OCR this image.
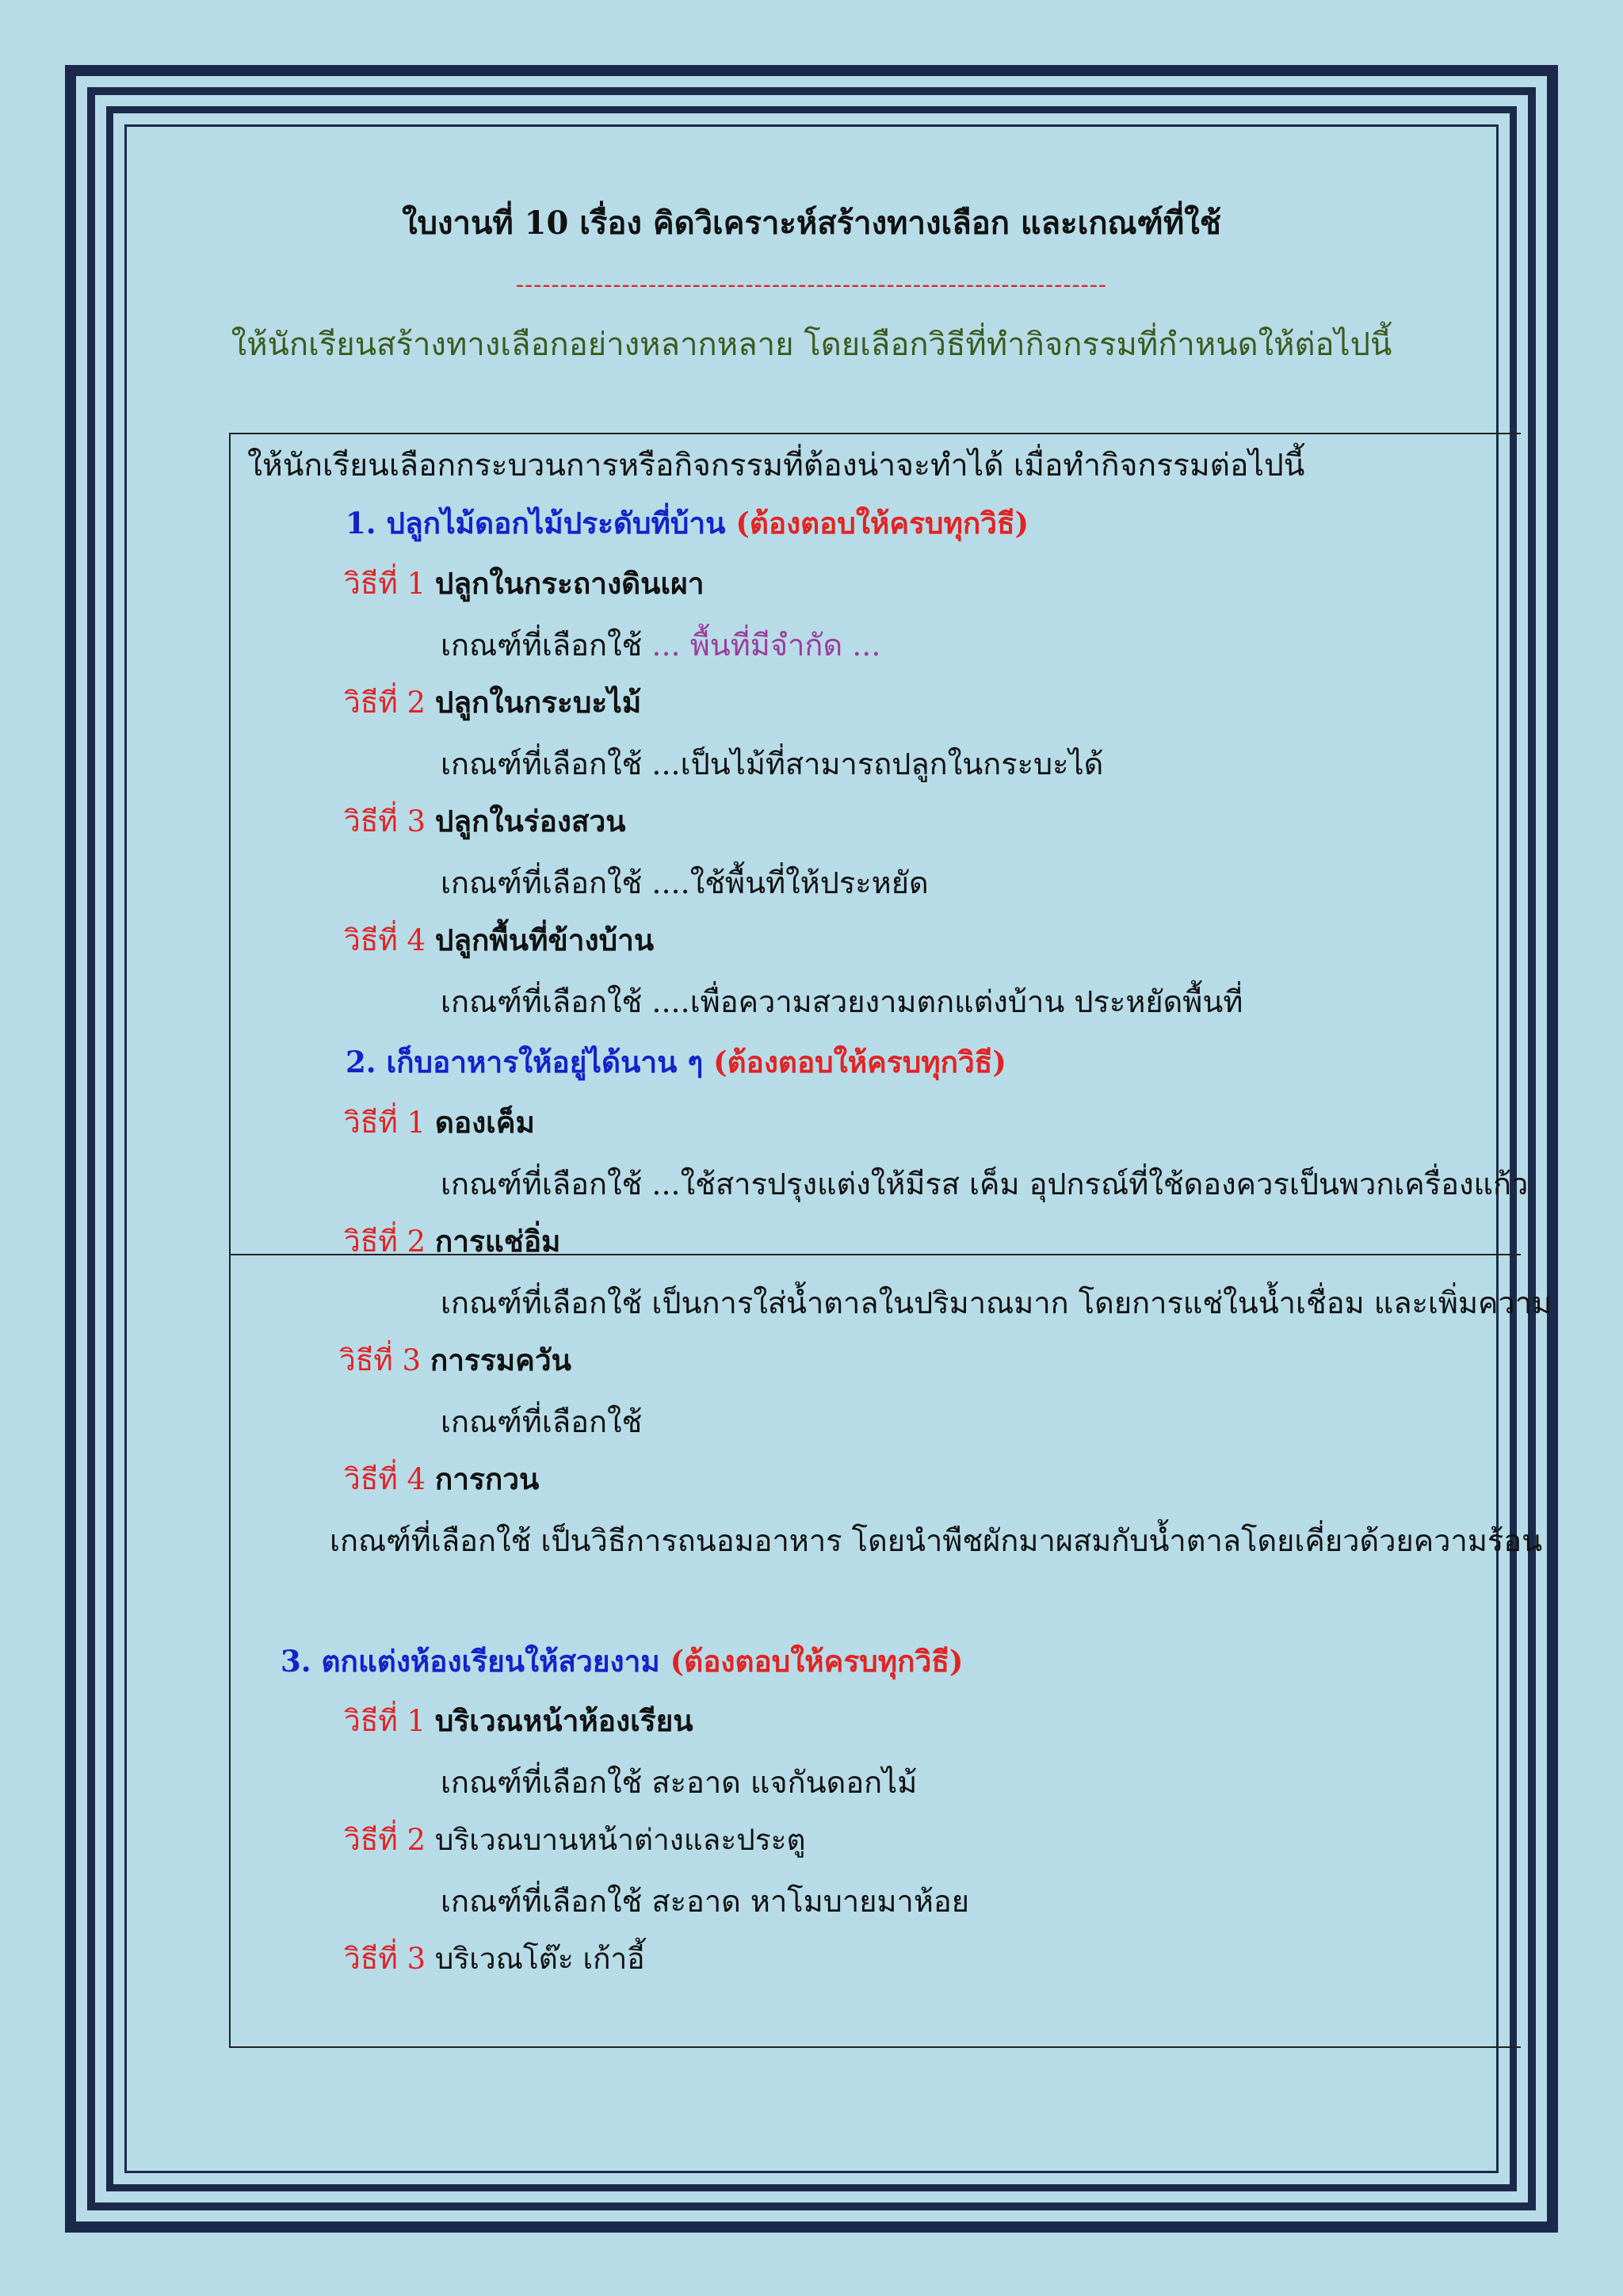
ใบงานที่ 10 เรื่อง คิดวิเคราะห์สร้างทางเลือก และเกณฑ์ที่ใช้
-------------------------------------------------------------------
ให้นักเรียนสร้างทางเลือกอย่างหลากหลาย โดยเลือกวิธีที่ทำกิจกรรมที่กำหนดให้ต่อไปนี้
ให้นักเรียนเลือกกระบวนการหรือกิจกรรมที่ต้องน่าจะทำได้ เมื่อทำกิจกรรมต่อไปนี้
1. ปลูกไม้ดอกไม้ประดับที่บ้าน (ต้องตอบให้ครบทุกวิธี)
วิธีที่ 1 ปลูกในกระถางดินเผา
เกณฑ์ที่เลือกใช้ ... พื้นที่มีจำกัด ...
วิธีที่ 2 ปลูกในกระบะไม้
เกณฑ์ที่เลือกใช้ ...เป็นไม้ที่สามารถปลูกในกระบะได้
วิธีที่ 3 ปลูกในร่องสวน
เกณฑ์ที่เลือกใช้ ....ใช้พื้นที่ให้ประหยัด
วิธีที่ 4 ปลูกพื้นที่ข้างบ้าน
เกณฑ์ที่เลือกใช้ ....เพื่อความสวยงามตกแต่งบ้าน ประหยัดพื้นที่
2. เก็บอาหารให้อยู่ได้นาน ๆ (ต้องตอบให้ครบทุกวิธี)
วิธีที่ 1 ดองเค็ม
เกณฑ์ที่เลือกใช้ ...ใช้สารปรุงแต่งให้มีรส เค็ม อุปกรณ์ที่ใช้ดองควรเป็นพวกเครื่องแก้ว
วิธีที่ 2 การแช่อิ่ม
เกณฑ์ที่เลือกใช้ เป็นการใส่น้ำตาลในปริมาณมาก โดยการแช่ในน้ำเชื่อม และเพิ่มความ
วิธีที่ 3 การรมควัน
เกณฑ์ที่เลือกใช้
วิธีที่ 4 การกวน
เกณฑ์ที่เลือกใช้ เป็นวิธีการถนอมอาหาร โดยนำพืชผักมาผสมกับน้ำตาลโดยเคี่ยวด้วยความร้อน
3. ตกแต่งห้องเรียนให้สวยงาม (ต้องตอบให้ครบทุกวิธี)
วิธีที่ 1 บริเวณหน้าห้องเรียน
เกณฑ์ที่เลือกใช้ สะอาด แจกันดอกไม้
วิธีที่ 2 บริเวณบานหน้าต่างและประตู
เกณฑ์ที่เลือกใช้ สะอาด หาโมบายมาห้อย
วิธีที่ 3 บริเวณโต๊ะ เก้าอี้
